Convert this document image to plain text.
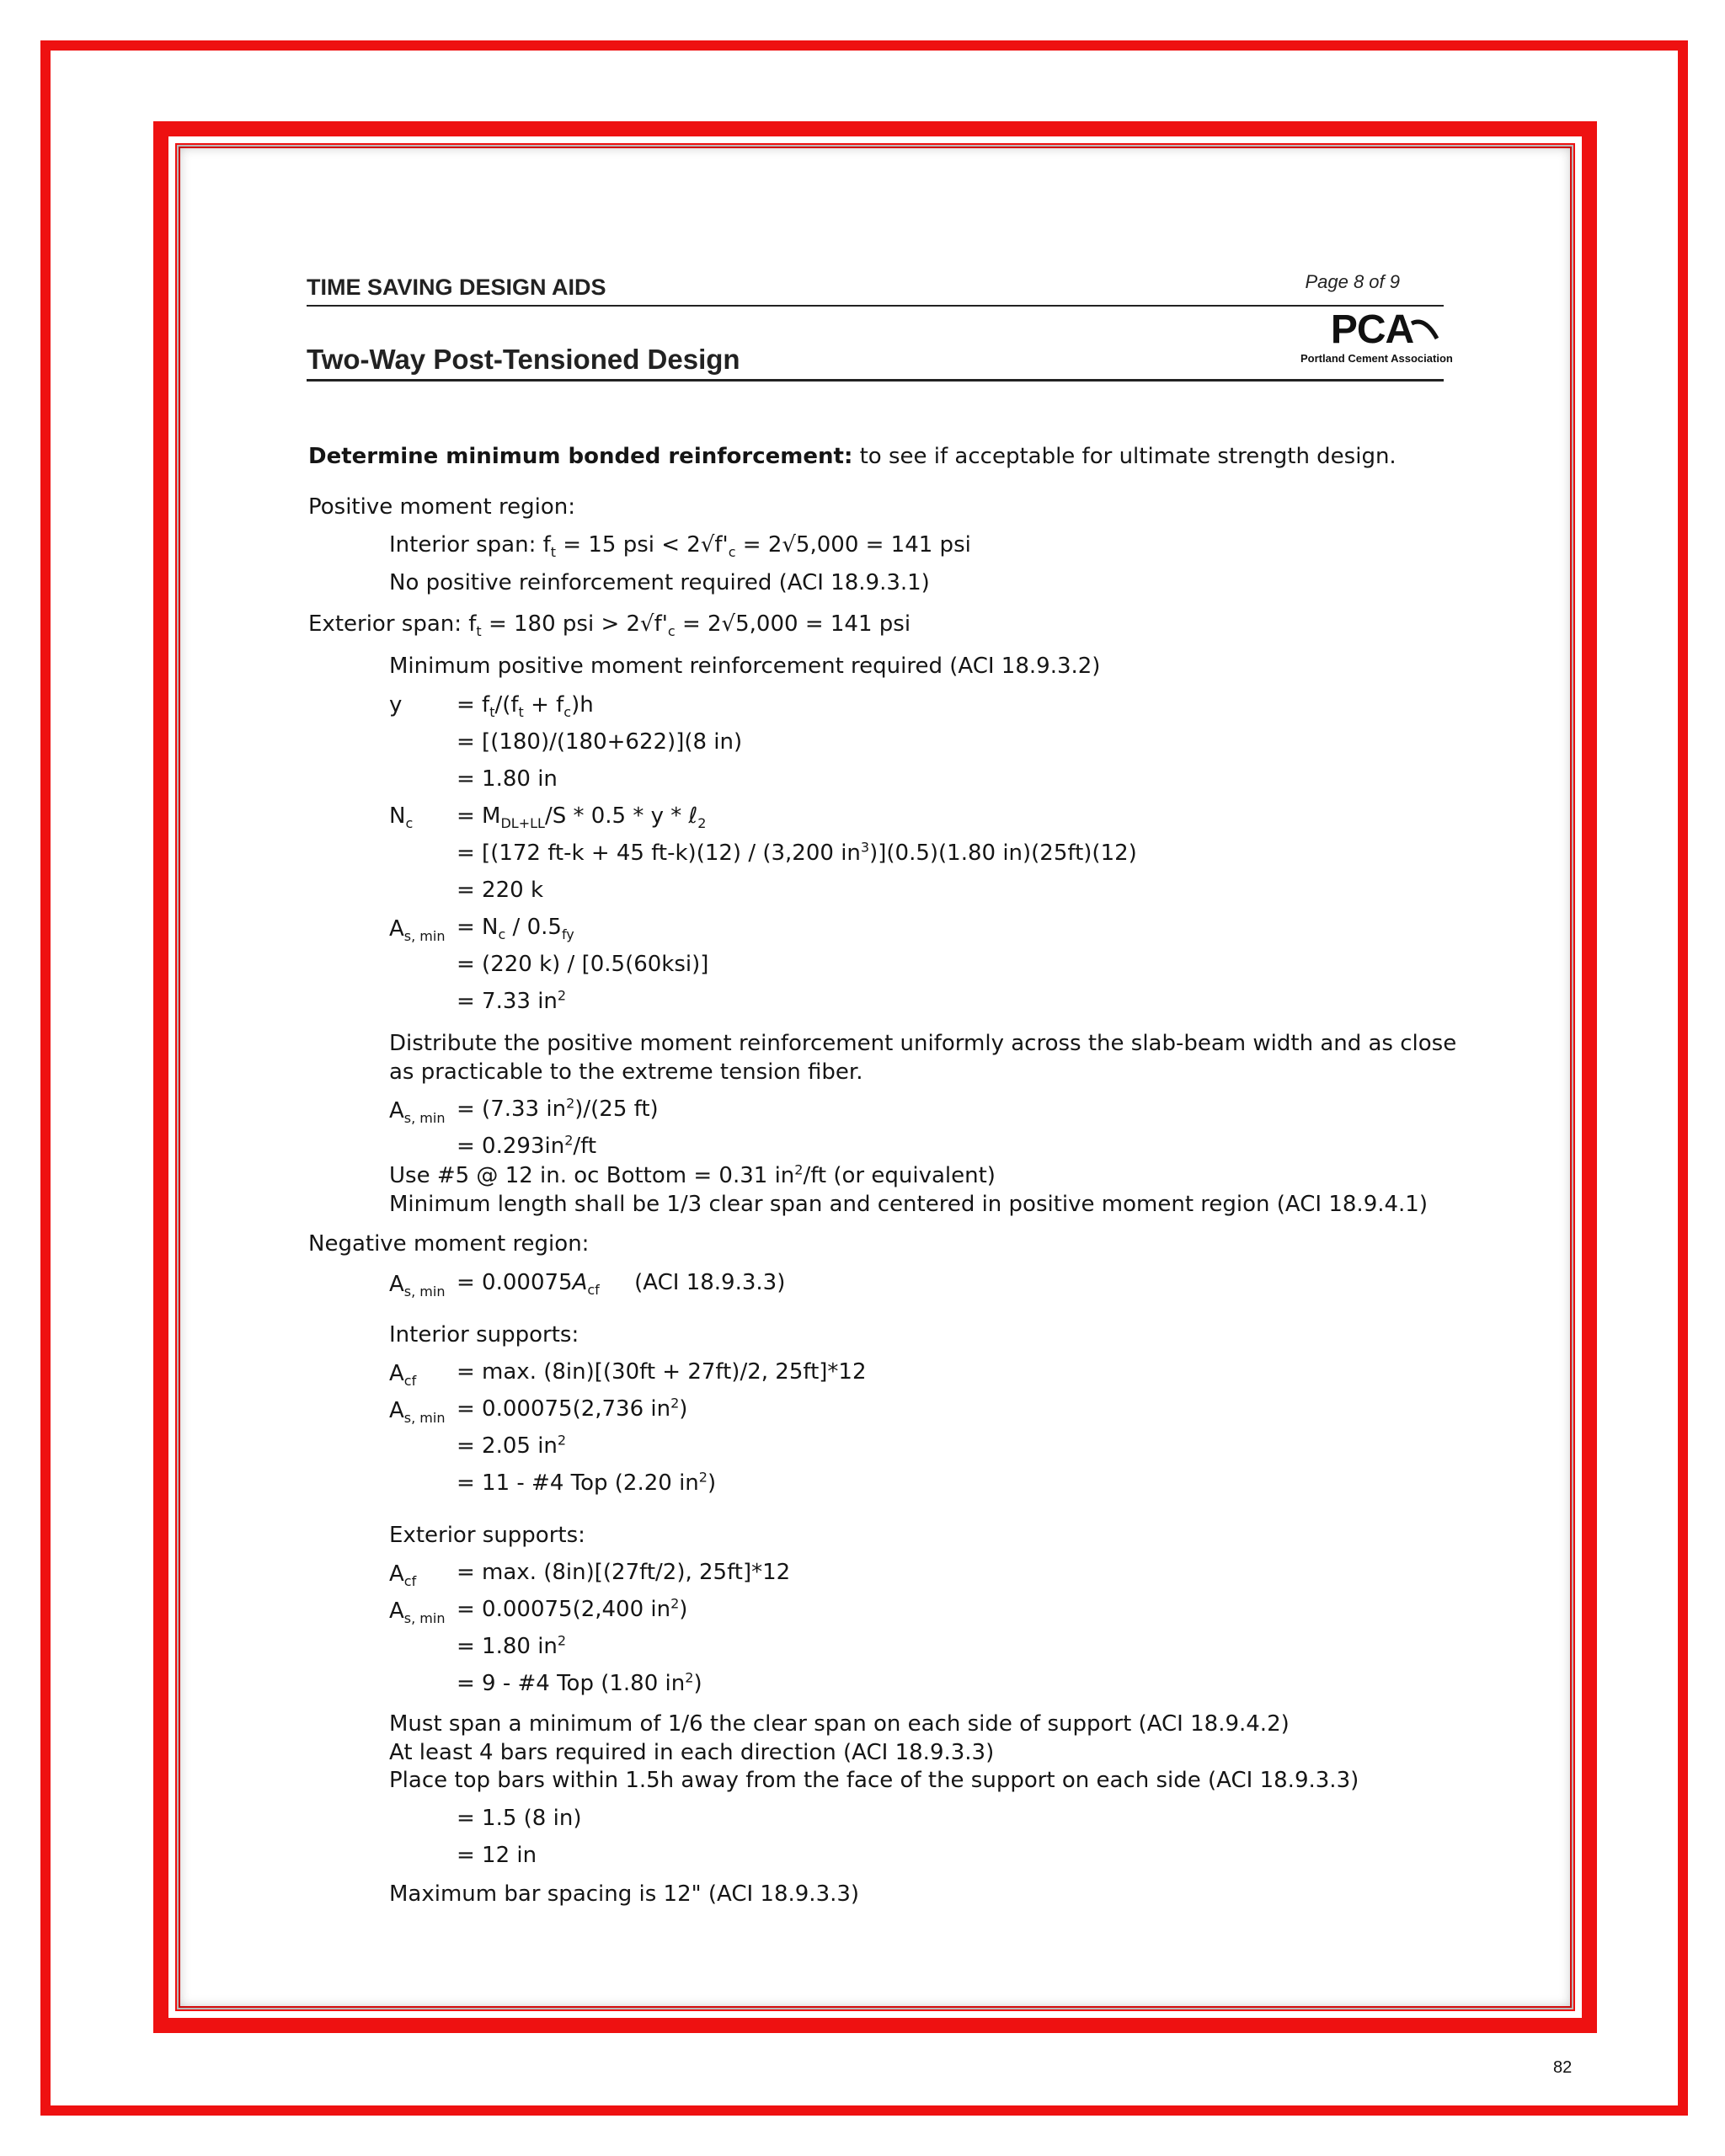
TIME SAVING DESIGN AIDS	Page 8 of 9
Two-Way Post-Tensioned Design
PCA
Portland Cement Association
Determine minimum bonded reinforcement: to see if acceptable for ultimate strength design.
Positive moment region:
Interior span: $f_t = 15$ psi < $2√f'_c = 2√5,000 = 141$ psi
No positive reinforcement required (ACI 18.9.3.1)
Exterior span: $f_t = 180$ psi > $2√f'_c = 2√5,000 = 141$ psi
Minimum positive moment reinforcement required (ACI 18.9.3.2)
$y = f_t/(f_t + f_c)h$
= [(180)/(180+622)](8 in)
= 1.80 in
$N_c = M_{DL+LL}/S * 0.5 * y$ * ℓ$_2$
= [(172 ft-k + 45 ft-k)(12) / (3,200 $in^3)](0.5)(1.80$ in)(25ft)(12)
= 220 k
$A_{s, min} = N_c / 0.5_{fy}$
= (220 k) / [0.5(60ksi)]
= 7.33 $in^2$
Distribute the positive moment reinforcement uniformly across the slab-beam width and as close
as practicable to the extreme tension fiber.
$A_{s, min} = (7.33$ $in^2)/(25$ ft)
= $0.293in^2/ft$
Use #5 @ 12 in. oc Bottom = 0.31 $in^2/ft$ (or equivalent)
Minimum length shall be 1/3 clear span and centered in positive moment region (ACI 18.9.4.1)
Negative moment region:
$A_{s, min} = 0.00075A_{cf}$     (ACI 18.9.3.3)
Interior supports:
$A_{cf} = \max$. (8in)[(30ft + 27ft)/2, 25ft]*12
$A_{s, min} = 0.00075(2,736$ $in^2$)
= 2.05 $in^2$
= 11 - #4 Top (2.20 $in^2$)
Exterior supports:
$A_{cf} = \max$. (8in)[(27ft/2), 25ft]*12
$A_{s, min} = 0.00075(2,400$ $in^2$)
= 1.80 $in^2$
= 9 - #4 Top (1.80 $in^2$)
Must span a minimum of 1/6 the clear span on each side of support (ACI 18.9.4.2)
At least 4 bars required in each direction (ACI 18.9.3.3)
Place top bars within 1.5h away from the face of the support on each side (ACI 18.9.3.3)
= 1.5 (8 in)
= 12 in
Maximum bar spacing is 12" (ACI 18.9.3.3)
82
